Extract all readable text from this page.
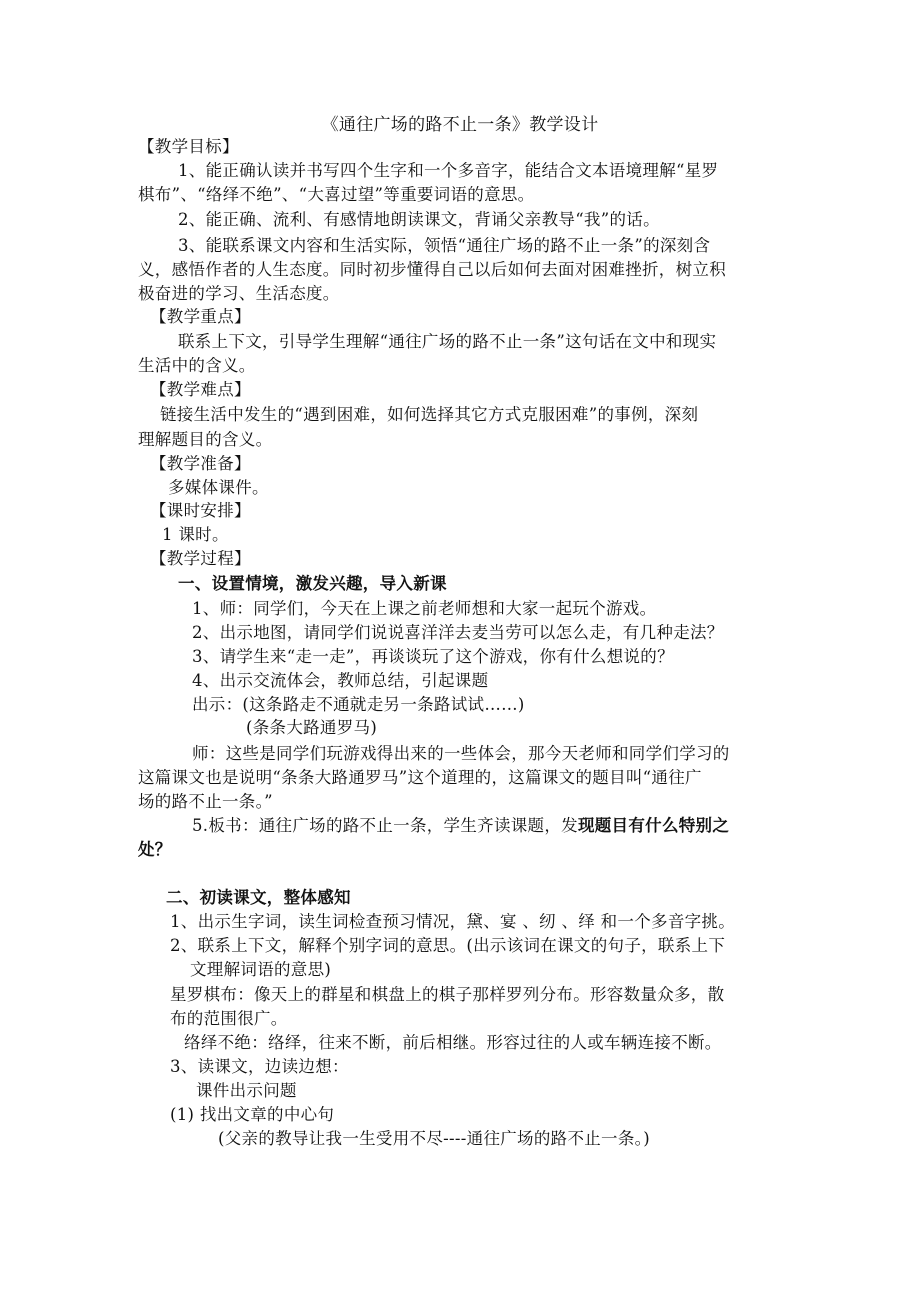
《通往广场的路不止一条》教学设计
【教学目标】
1、能正确认读并书写四个生字和一个多音字，能结合文本语境理解“星罗
棋布”、“络绎不绝”、“大喜过望”等重要词语的意思。
2、能正确、流利、有感情地朗读课文，背诵父亲教导“我”的话。
3、能联系课文内容和生活实际，领悟“通往广场的路不止一条”的深刻含
义，感悟作者的人生态度。同时初步懂得自己以后如何去面对困难挫折，树立积
极奋进的学习、生活态度。
【教学重点】
联系上下文，引导学生理解“通往广场的路不止一条”这句话在文中和现实
生活中的含义。
【教学难点】
链接生活中发生的“遇到困难，如何选择其它方式克服困难”的事例，深刻
理解题目的含义。
【教学准备】
多媒体课件。
【课时安排】
1 课时。
【教学过程】
一、设置情境，激发兴趣，导入新课
1、师：同学们，今天在上课之前老师想和大家一起玩个游戏。
2、出示地图，请同学们说说喜洋洋去麦当劳可以怎么走，有几种走法？
3、请学生来“走一走”，再谈谈玩了这个游戏，你有什么想说的？
4、出示交流体会，教师总结，引起课题
出示：(这条路走不通就走另一条路试试……)
(条条大路通罗马)
师：这些是同学们玩游戏得出来的一些体会，那今天老师和同学们学习的
这篇课文也是说明“条条大路通罗马”这个道理的，这篇课文的题目叫“通往广
场的路不止一条。”
5.板书：通往广场的路不止一条，学生齐读课题，发现题目有什么特别之
处？
二、初读课文，整体感知
1、出示生字词，读生词检查预习情况，黛、宴 、纫 、绎 和一个多音字挑。
2、联系上下文，解释个别字词的意思。(出示该词在课文的句子，联系上下
文理解词语的意思)
星罗棋布：像天上的群星和棋盘上的棋子那样罗列分布。形容数量众多，散
布的范围很广。
络绎不绝：络绎，往来不断，前后相继。形容过往的人或车辆连接不断。
3、读课文，边读边想：
课件出示问题
(1) 找出文章的中心句
(父亲的教导让我一生受用不尽----通往广场的路不止一条。)
